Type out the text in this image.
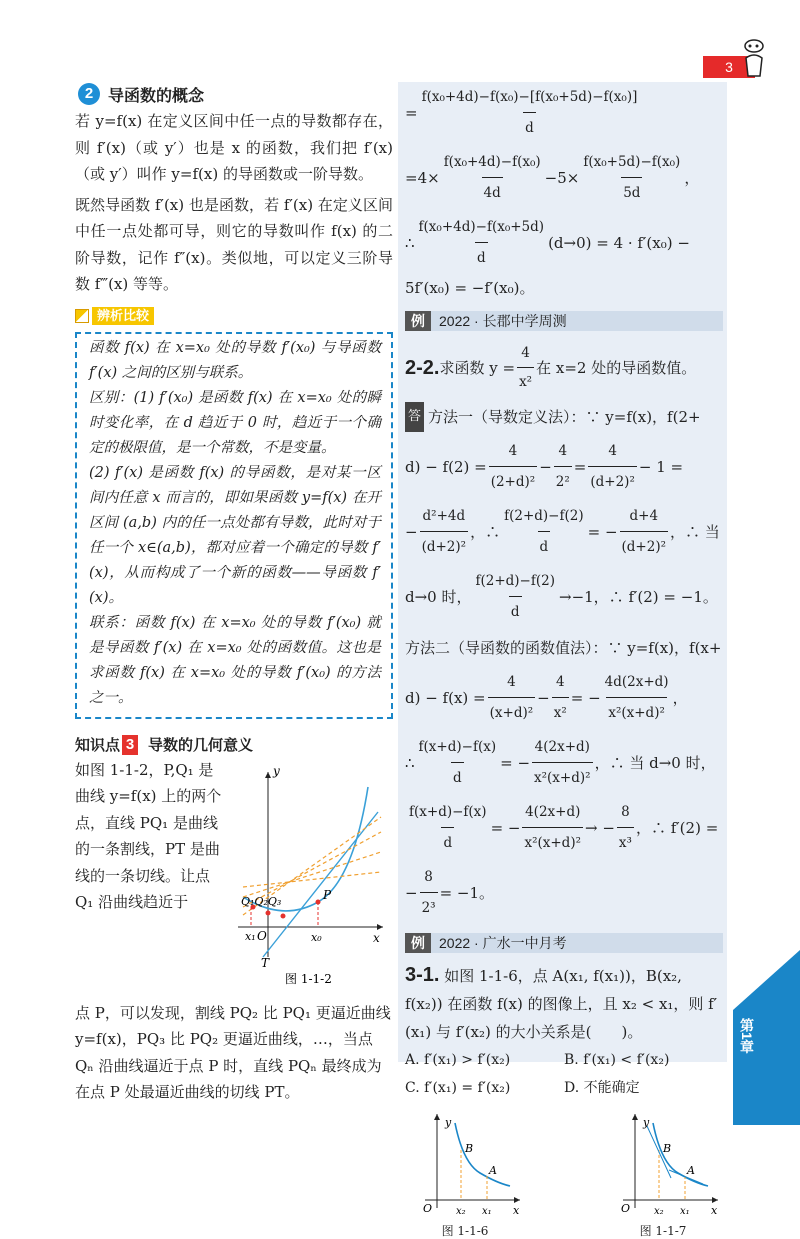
3
第1章
2 导函数的概念

若 y=f(x) 在定义区间中任一点的导数都存在，则 f′(x)（或 y′）也是 x 的函数，我们把 f′(x)（或 y′）叫作 y=f(x) 的导函数或一阶导数。

既然导函数 f′(x) 也是函数，若 f′(x) 在定义区间中任一点处都可导，则它的导数叫作 f(x) 的二阶导数，记作 f″(x)。类似地，可以定义三阶导数 f‴(x) 等等。

辨析比较

函数 f(x) 在 x=x₀ 处的导数 f′(x₀) 与导函数 f′(x) 之间的区别与联系。

区别：(1) f′(x₀) 是函数 f(x) 在 x=x₀ 处的瞬时变化率，在 d 趋近于 0 时，趋近于一个确定的极限值，是一个常数，不是变量。

(2) f′(x) 是函数 f(x) 的导函数，是对某一区间内任意 x 而言的，即如果函数 y=f(x) 在开区间 (a,b) 内的任一点处都有导数，此时对于任一个 x∈(a,b)，都对应着一个确定的导数 f′(x)，从而构成了一个新的函数——导函数 f′(x)。

联系：函数 f(x) 在 x=x₀ 处的导数 f′(x₀) 就是导函数 f′(x) 在 x=x₀ 处的函数值。这也是求函数 f(x) 在 x=x₀ 处的导数 f′(x₀) 的方法之一。

知识点 3 导数的几何意义

如图 1-1-2，P,Q₁ 是曲线 y=f(x) 上的两个点，直线 PQ₁ 是曲线的一条割线，PT 是曲线的一条切线。让点 Q₁ 沿曲线趋近于

y
x
O
P
T
x₀
Q₁Q₂Q₃
x₁
图 1-1-2

点 P，可以发现，割线 PQ₂ 比 PQ₁ 更逼近曲线 y=f(x)，PQ₃ 比 PQ₂ 更逼近曲线，…，当点 Qₙ 沿曲线逼近于点 P 时，直线 PQₙ 最终成为在点 P 处最逼近曲线的切线 PT。

= $\frac{\text{f(x₀+4d)−f(x₀)−[f(x₀+5d)−f(x₀)]}}{d}$
$=4\times \frac{\text{f(x₀+4d)−f(x₀)}}{4d} -5\times \frac{\text{f(x₀+5d)−f(x₀)}}{5d}$ ，
∴ $\frac{\text{f(x₀+4d)−f(x₀+5d)}}{d} (d\to 0) = 4 \cdot f'(x_0)$ −
5f′(x₀) = −f′(x₀)。
例	2022 · 长郡中学周测
2-2. 求函数 $y = \frac{4}{\text{x²}}$ 在 x=2 处的导函数值。
答 方法一（导数定义法）：∵ y=f(x)，f(2+
$d) - f(2) = \frac{4}{\text{(2+d)²}} - \frac{4}{\text{2²}} = \frac{4}{\text{(d+2)²}} - 1$ =
− $\frac{\text{d²+4d}}{\text{(d+2)²}}$ ，∴ $\frac{f(2+d)-f(2)}{d}$ = − $\frac{d+4}{\text{(d+2)²}}$ ，∴ 当
d→0 时， $\frac{f(2+d)-f(2)}{d} \to-1$，∴ f′(2) = −1。
方法二（导函数的函数值法）：∵ y=f(x)，f(x+
$d) - f(x) = \frac{4}{\text{(x+d)²}} - \frac{4}{\text{x²}}$ = − $\frac{4d(2x+d)}{\text{x²(x+d)²}}$ ，
∴ $\frac{f(x+d)-f(x)}{d}$ = − $\frac{4(2x+d)}{\text{x²(x+d)²}}$ ，∴ 当 d→0 时，
$\frac{f(x+d)-f(x)}{d}$ = − $\frac{4(2x+d)}{\text{x²(x+d)²}}$ → − $\frac{8}{\text{x³}}$ ，∴ f′(2) =
− $\frac{8}{\text{2³}} = -1$。
例	2022 · 广水一中月考

3-1. 如图 1-1-6，点 A(x₁, f(x₁))，B(x₂, f(x₂)) 在函数 f(x) 的图像上，且 x₂ < x₁，则 f′(x₁) 与 f′(x₂) 的大小关系是(　　)。

A. f′(x₁) > f′(x₂)	B. f′(x₁) < f′(x₂)
C. f′(x₁) = f′(x₂)	D. 不能确定
y
x
O
B
A
x₂ x₁
图 1-1-6
y
x
O
B
A
x₂ x₁
图 1-1-7
